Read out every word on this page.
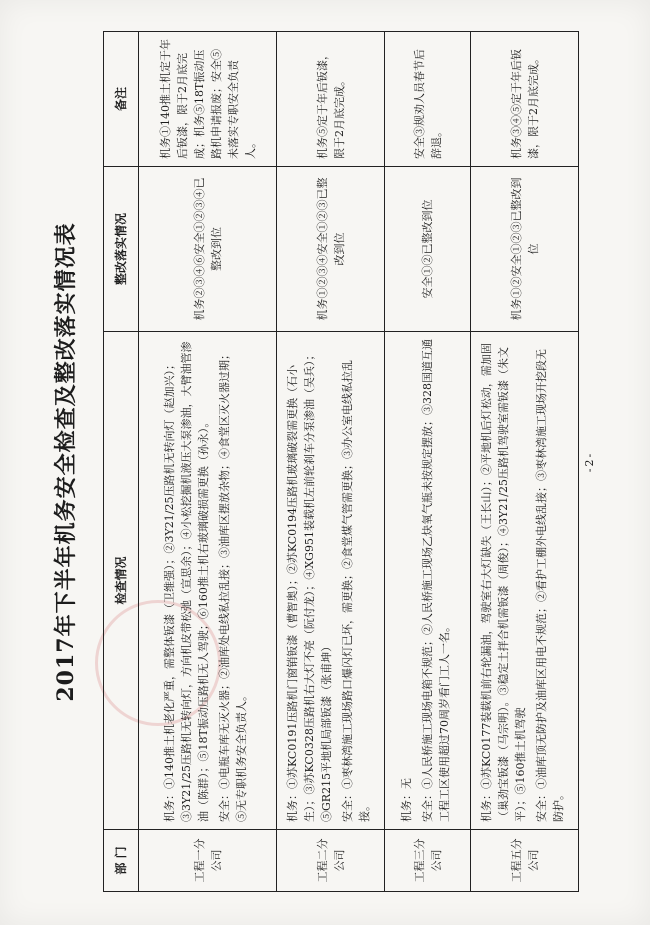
2017年下半年机务安全检查及整改落实情况表
部 门	检查情况	整改落实情况	备注
工程一分公司	机务：①140推土机老化严重，需整体钣漆（卫维强）；②3Y21/25压路机无转向灯（赵加兴）；③3Y21/25压路机无转向灯，方向机皮带松弛（宣思余）；④小松挖掘机液压大泵渗油，大臂油管渗油（陈群）；⑤18T振动压路机无人驾驶；⑥160推土机右玻璃破损需更换（孙永）。 安全：①电瓶车库无灭火器；②油库处电线私拉乱接；③油库区摆放杂物；④食堂区灭火器过期；⑤无专职机务安全负责人。	机务②③④⑥安全①②③④已整改到位	机务①140推土机定于年后钣漆，限于2月底完成；机务⑤18T振动压路机申请报废；安全⑤未落实专职安全负责人。
工程二分公司	机务：①苏KC0191压路机门窗销钣漆（曹智奥）；②苏KC0194压路机玻璃破裂需更换（石小生）；③苏KC0328压路机右大灯不亮（阮付龙）；④XG951装载机左前轮刹车分泵渗油（吴兵）；⑤GR215平地机局部钣漆（张甫坤） 安全：①枣林湾施工现场路口爆闪灯已坏，需更换；②食堂煤气管需更换；③办公室电线私拉乱接。	机务①②③④安全①②③已整改到位	机务⑤定于年后钣漆，限于2月底完成。
工程三分公司	机务：无 安全：①人民桥施工现场电箱不规范；②人民桥施工现场乙炔氧气瓶未按规定摆放；③328国道互通工程工区使用超过70周岁看门工人一名。	安全①②已整改到位	安全③规劝人员春节后辞退。
工程五分公司	机务：①苏KC0177装载机前右轮漏油，驾驶室右大灯缺失（王长山）；②平地机后灯松动，需加固（巢劲宝钣漆（马宗明）。③稳定土拌合机需钣漆（周俊）；④3Y21/25压路机驾驶室需钣漆（朱文平）；⑤160推土机驾驶 安全：①油库顶无防护及油库区用电不规范；②看护工棚外电线乱接；③枣林湾施工现场开挖段无防护。	机务①②安全①②③已整改到位	机务③④⑤定于年后钣漆，限于2月底完成。
-2-
